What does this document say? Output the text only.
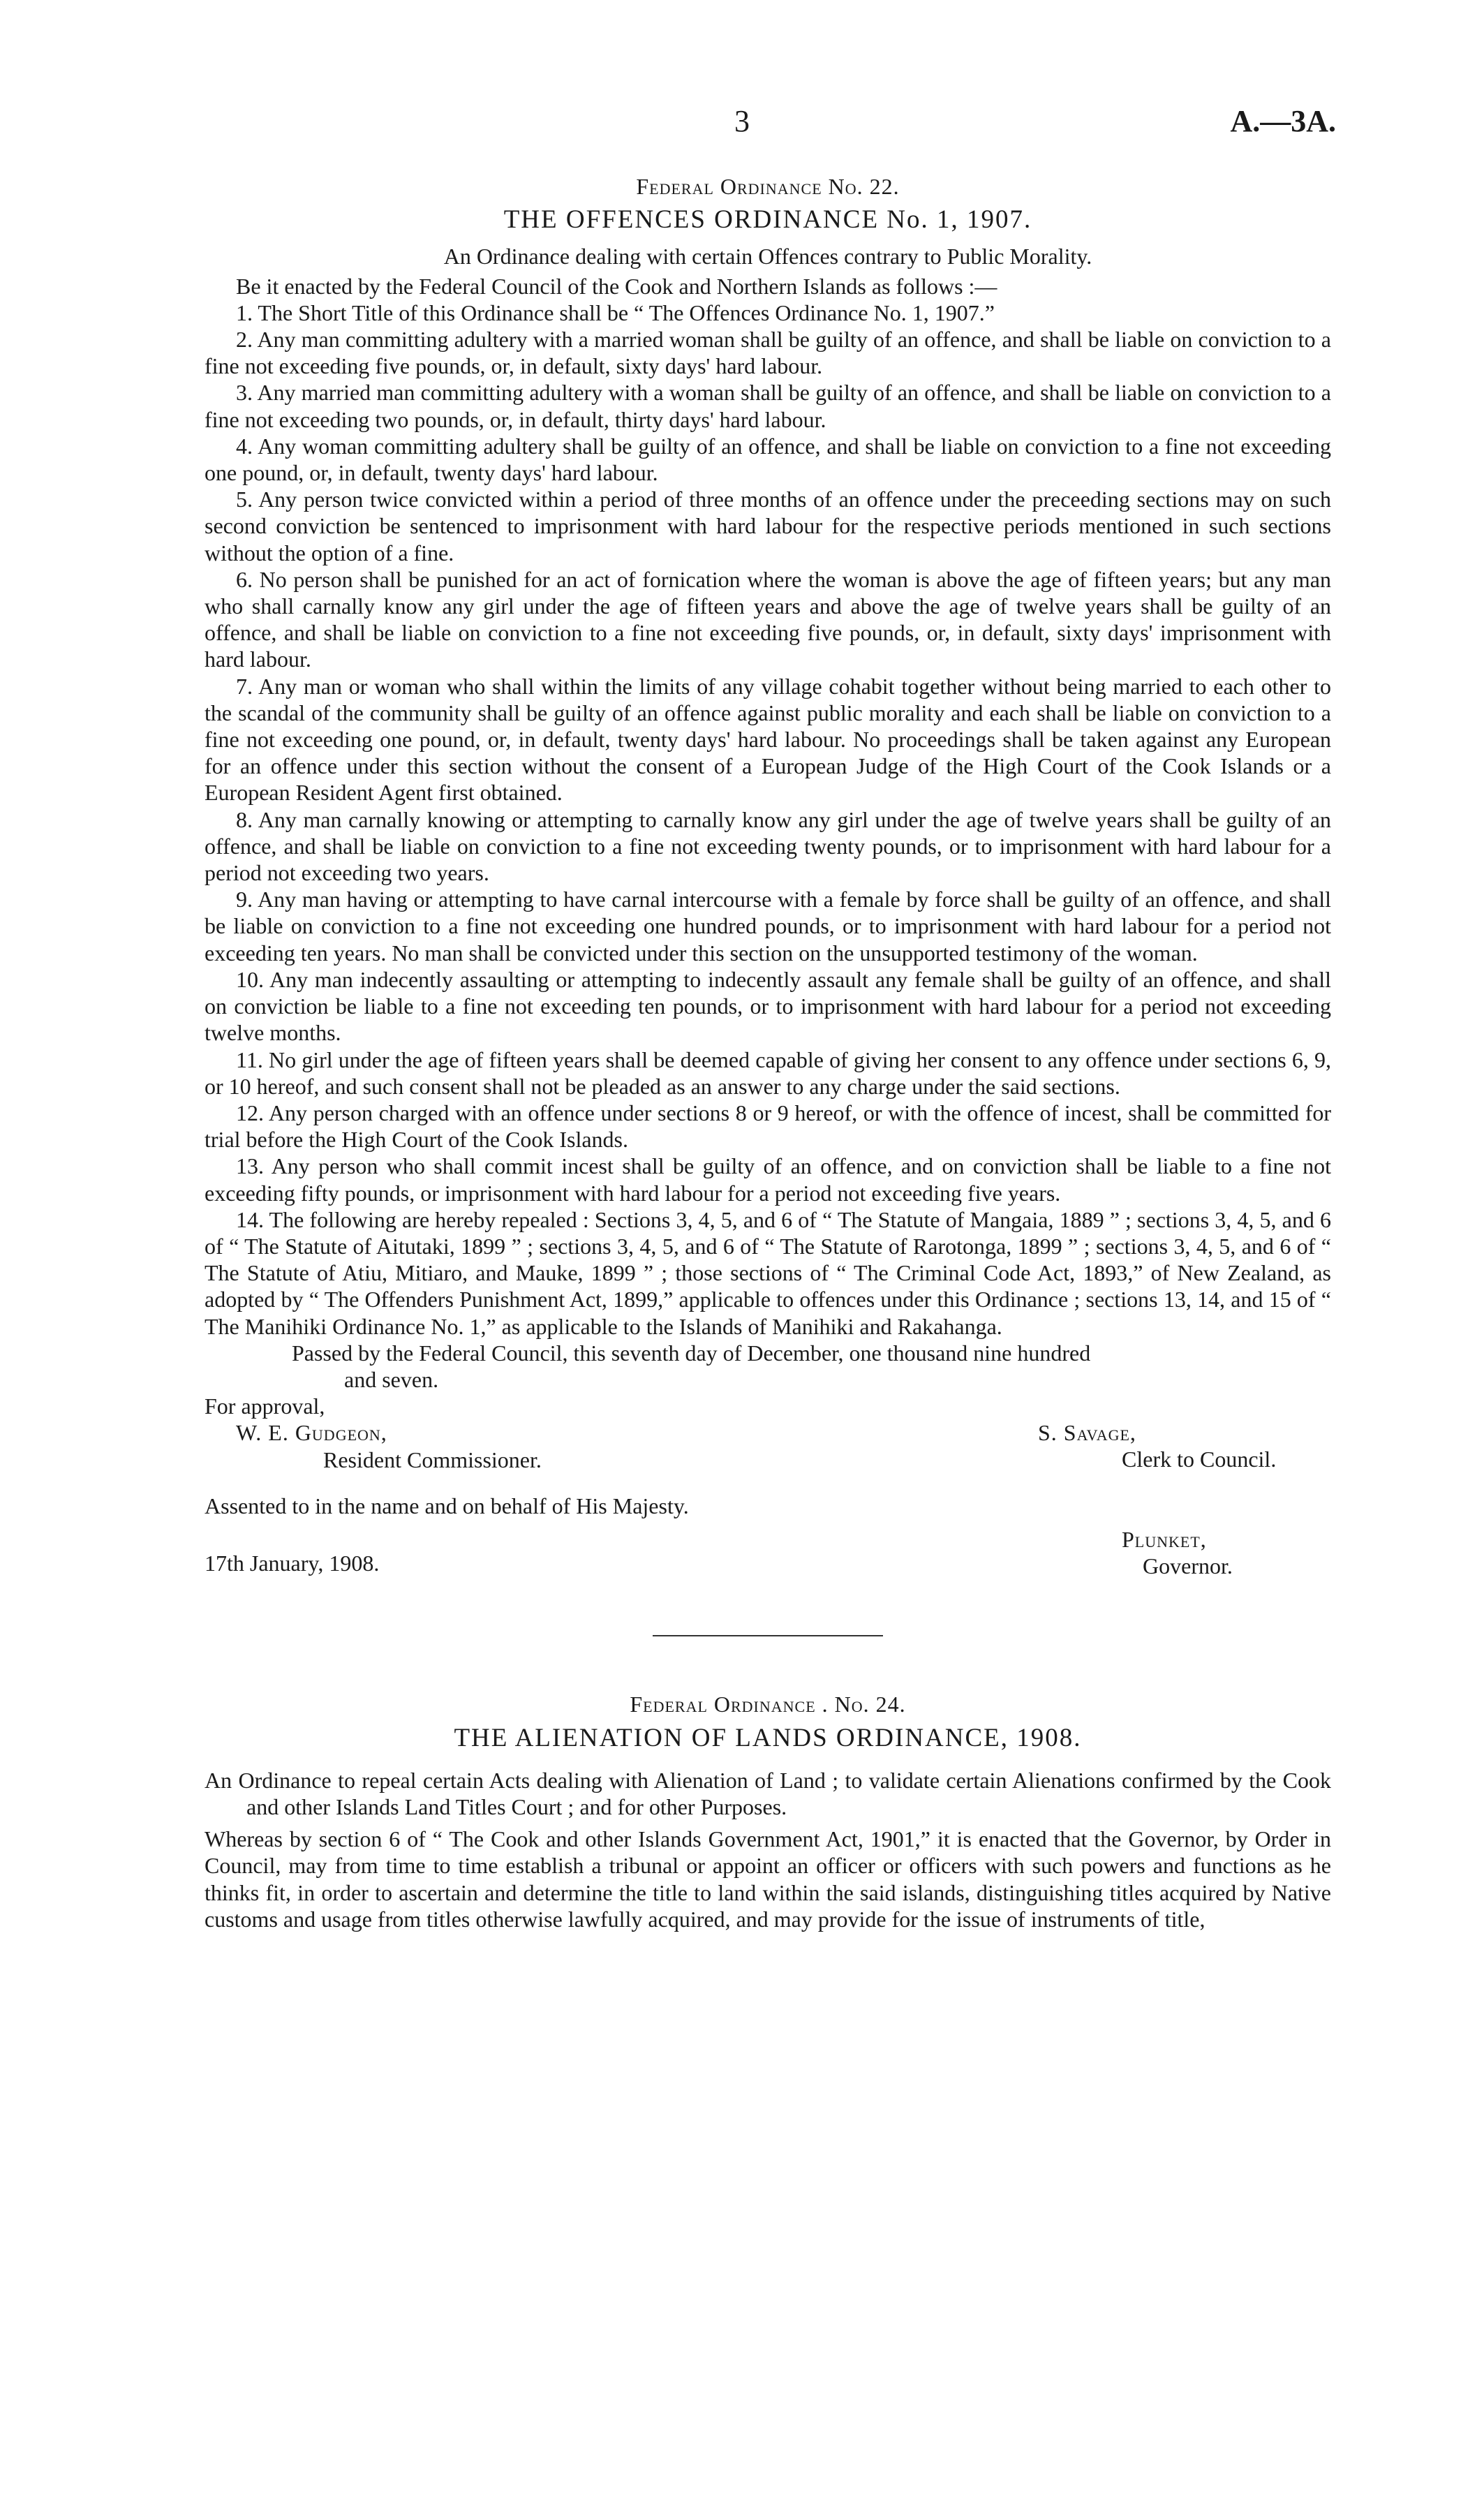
3	A.—3A.

Federal Ordinance No. 22.

THE OFFENCES ORDINANCE No. 1, 1907.

An Ordinance dealing with certain Offences contrary to Public Morality.

Be it enacted by the Federal Council of the Cook and Northern Islands as follows :—

1. The Short Title of this Ordinance shall be “ The Offences Ordinance No. 1, 1907.”

2. Any man committing adultery with a married woman shall be guilty of an offence, and shall be liable on conviction to a fine not exceeding five pounds, or, in default, sixty days' hard labour.

3. Any married man committing adultery with a woman shall be guilty of an offence, and shall be liable on conviction to a fine not exceeding two pounds, or, in default, thirty days' hard labour.

4. Any woman committing adultery shall be guilty of an offence, and shall be liable on conviction to a fine not exceeding one pound, or, in default, twenty days' hard labour.

5. Any person twice convicted within a period of three months of an offence under the preceeding sections may on such second conviction be sentenced to imprisonment with hard labour for the respective periods mentioned in such sections without the option of a fine.

6. No person shall be punished for an act of fornication where the woman is above the age of fifteen years; but any man who shall carnally know any girl under the age of fifteen years and above the age of twelve years shall be guilty of an offence, and shall be liable on conviction to a fine not exceeding five pounds, or, in default, sixty days' imprisonment with hard labour.

7. Any man or woman who shall within the limits of any village cohabit together without being married to each other to the scandal of the community shall be guilty of an offence against public morality and each shall be liable on conviction to a fine not exceeding one pound, or, in default, twenty days' hard labour. No proceedings shall be taken against any European for an offence under this section without the consent of a European Judge of the High Court of the Cook Islands or a European Resident Agent first obtained.

8. Any man carnally knowing or attempting to carnally know any girl under the age of twelve years shall be guilty of an offence, and shall be liable on conviction to a fine not exceeding twenty pounds, or to imprisonment with hard labour for a period not exceeding two years.

9. Any man having or attempting to have carnal intercourse with a female by force shall be guilty of an offence, and shall be liable on conviction to a fine not exceeding one hundred pounds, or to imprisonment with hard labour for a period not exceeding ten years. No man shall be convicted under this section on the unsupported testimony of the woman.

10. Any man indecently assaulting or attempting to indecently assault any female shall be guilty of an offence, and shall on conviction be liable to a fine not exceeding ten pounds, or to imprisonment with hard labour for a period not exceeding twelve months.

11. No girl under the age of fifteen years shall be deemed capable of giving her consent to any offence under sections 6, 9, or 10 hereof, and such consent shall not be pleaded as an answer to any charge under the said sections.

12. Any person charged with an offence under sections 8 or 9 hereof, or with the offence of incest, shall be committed for trial before the High Court of the Cook Islands.

13. Any person who shall commit incest shall be guilty of an offence, and on conviction shall be liable to a fine not exceeding fifty pounds, or imprisonment with hard labour for a period not exceeding five years.

14. The following are hereby repealed : Sections 3, 4, 5, and 6 of “ The Statute of Mangaia, 1889 ” ; sections 3, 4, 5, and 6 of “ The Statute of Aitutaki, 1899 ” ; sections 3, 4, 5, and 6 of “ The Statute of Rarotonga, 1899 ” ; sections 3, 4, 5, and 6 of “ The Statute of Atiu, Mitiaro, and Mauke, 1899 ” ; those sections of “ The Criminal Code Act, 1893,” of New Zealand, as adopted by “ The Offenders Punishment Act, 1899,” applicable to offences under this Ordinance ; sections 13, 14, and 15 of “ The Manihiki Ordinance No. 1,” as applicable to the Islands of Manihiki and Rakahanga.

Passed by the Federal Council, this seventh day of December, one thousand nine hundred
and seven.
For approval,
W. E. Gudgeon,
Resident Commissioner.
S. Savage,
Clerk to Council.
Assented to in the name and on behalf of His Majesty.
17th January, 1908.
Plunket,
Governor.

Federal Ordinance . No. 24.

THE ALIENATION OF LANDS ORDINANCE, 1908.

An Ordinance to repeal certain Acts dealing with Alienation of Land ; to validate certain Alienations confirmed by the Cook and other Islands Land Titles Court ; and for other Purposes.

Whereas by section 6 of “ The Cook and other Islands Government Act, 1901,” it is enacted that the Governor, by Order in Council, may from time to time establish a tribunal or appoint an officer or officers with such powers and functions as he thinks fit, in order to ascertain and determine the title to land within the said islands, distinguishing titles acquired by Native customs and usage from titles otherwise lawfully acquired, and may provide for the issue of instruments of title,
